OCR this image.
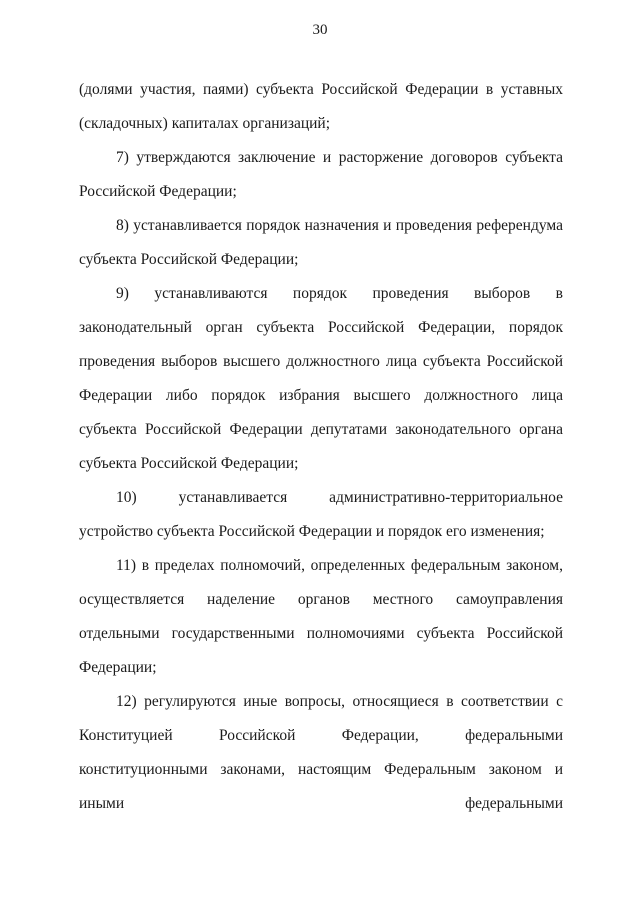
30

(долями участия, паями) субъекта Российской Федерации в уставных (складочных) капиталах организаций;

7) утверждаются заключение и расторжение договоров субъекта Российской Федерации;

8) устанавливается порядок назначения и проведения референдума субъекта Российской Федерации;

9) устанавливаются порядок проведения выборов в законодательный орган субъекта Российской Федерации, порядок проведения выборов высшего должностного лица субъекта Российской Федерации либо порядок избрания высшего должностного лица субъекта Российской Федерации депутатами законодательного органа субъекта Российской Федерации;

10) устанавливается административно-территориальное устройство субъекта Российской Федерации и порядок его изменения;

11) в пределах полномочий, определенных федеральным законом, осуществляется наделение органов местного самоуправления отдельными государственными полномочиями субъекта Российской Федерации;

12) регулируются иные вопросы, относящиеся в соответствии с Конституцией Российской Федерации, федеральными конституционными законами, настоящим Федеральным законом и иными федеральными
